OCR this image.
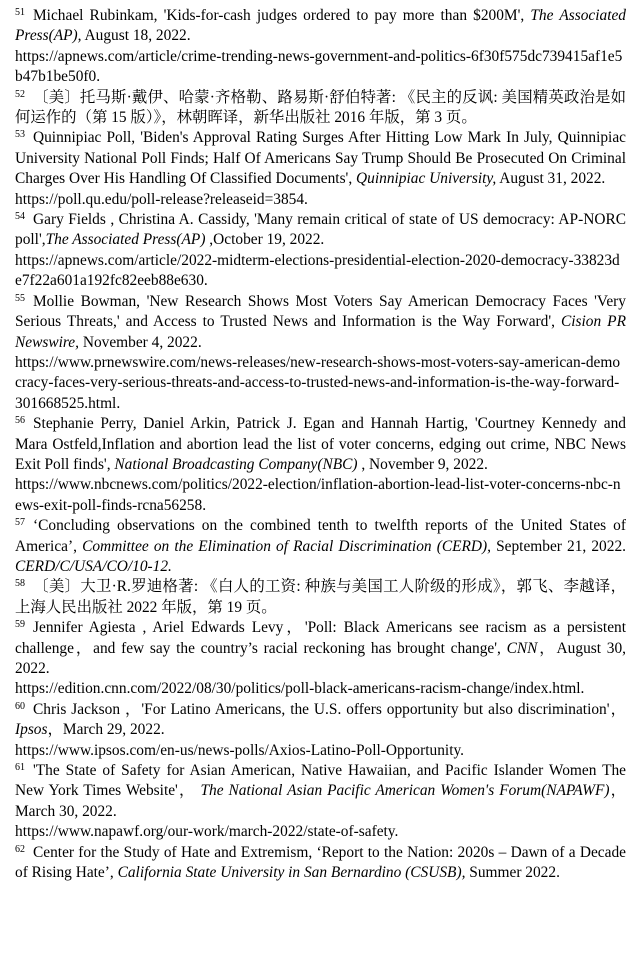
$^{51}$ Michael Rubinkam, 'Kids-for-cash judges ordered to pay more than $200M', The Associated Press(AP), August 18, 2022.
https://apnews.com/article/crime-trending-news-government-and-politics-6f30f575dc739415af1e5b47b1be50f0.
$^{52}$ 〔美〕托马斯·戴伊、哈蒙·齐格勒、路易斯·舒伯特著: 《民主的反讽: 美国精英政治是如何运作的（第 15 版）》，林朝晖译，新华出版社 2016 年版，第 3 页。
$^{53}$ Quinnipiac Poll, 'Biden's Approval Rating Surges After Hitting Low Mark In July, Quinnipiac University National Poll Finds; Half Of Americans Say Trump Should Be Prosecuted On Criminal Charges Over His Handling Of Classified Documents', Quinnipiac University, August 31, 2022.
https://poll.qu.edu/poll-release?releaseid=3854.
$^{54}$ Gary Fields , Christina A. Cassidy, 'Many remain critical of state of US democracy: AP-NORC poll',The Associated Press(AP) ,October 19, 2022.
https://apnews.com/article/2022-midterm-elections-presidential-election-2020-democracy-33823de7f22a601a192fc82eeb88e630.
$^{55}$ Mollie Bowman, 'New Research Shows Most Voters Say American Democracy Faces 'Very Serious Threats,' and Access to Trusted News and Information is the Way Forward', Cision PR Newswire, November 4, 2022.
https://www.prnewswire.com/news-releases/new-research-shows-most-voters-say-american-democracy-faces-very-serious-threats-and-access-to-trusted-news-and-information-is-the-way-forward-301668525.html.
$^{56}$ Stephanie Perry, Daniel Arkin, Patrick J. Egan and Hannah Hartig, 'Courtney Kennedy and Mara Ostfeld,Inflation and abortion lead the list of voter concerns, edging out crime, NBC News Exit Poll finds', National Broadcasting Company(NBC) , November 9, 2022.
https://www.nbcnews.com/politics/2022-election/inflation-abortion-lead-list-voter-concerns-nbc-news-exit-poll-finds-rcna56258.
$^{57}$ ‘Concluding observations on the combined tenth to twelfth reports of the United States of America’, Committee on the Elimination of Racial Discrimination (CERD), September 21, 2022. CERD/C/USA/CO/10-12.
$^{58}$ 〔美〕大卫·R.罗迪格著: 《白人的工资: 种族与美国工人阶级的形成》，郭飞、李越译，上海人民出版社 2022 年版，第 19 页。
$^{59}$ Jennifer Agiesta , Ariel Edwards Levy，'Poll: Black Americans see racism as a persistent challenge，and few say the country’s racial reckoning has brought change', CNN，August 30, 2022.
https://edition.cnn.com/2022/08/30/politics/poll-black-americans-racism-change/index.html.
$^{60}$ Chris Jackson ，'For Latino Americans, the U.S. offers opportunity but also discrimination'，Ipsos，March 29, 2022.
https://www.ipsos.com/en-us/news-polls/Axios-Latino-Poll-Opportunity.
$^{61}$ 'The State of Safety for Asian American, Native Hawaiian, and Pacific Islander Women The New York Times Website'， The National Asian Pacific American Women's Forum(NAPAWF)，March 30, 2022.
https://www.napawf.org/our-work/march-2022/state-of-safety.
$^{62}$ Center for the Study of Hate and Extremism, ‘Report to the Nation: 2020s – Dawn of a Decade of Rising Hate’, California State University in San Bernardino (CSUSB), Summer 2022.
